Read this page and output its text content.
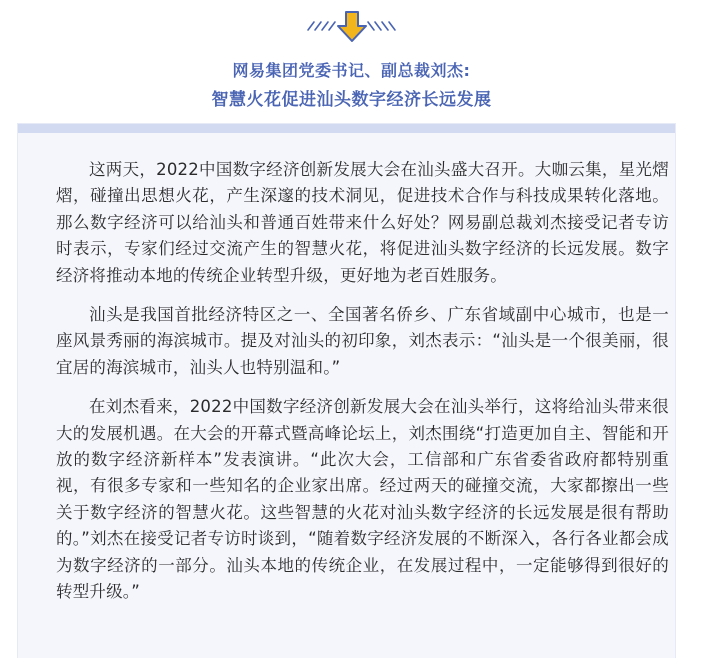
网易集团党委书记、副总裁刘杰:
智慧火花促进汕头数字经济长远发展

这两天，2022中国数字经济创新发展大会在汕头盛大召开。大咖云集，星光熠熠，碰撞出思想火花，产生深邃的技术洞见，促进技术合作与科技成果转化落地。那么数字经济可以给汕头和普通百姓带来什么好处？网易副总裁刘杰接受记者专访时表示，专家们经过交流产生的智慧火花，将促进汕头数字经济的长远发展。数字经济将推动本地的传统企业转型升级，更好地为老百姓服务。

汕头是我国首批经济特区之一、全国著名侨乡、广东省域副中心城市，也是一座风景秀丽的海滨城市。提及对汕头的初印象，刘杰表示：“汕头是一个很美丽，很宜居的海滨城市，汕头人也特别温和。”

在刘杰看来，2022中国数字经济创新发展大会在汕头举行，这将给汕头带来很大的发展机遇。在大会的开幕式暨高峰论坛上，刘杰围绕“打造更加自主、智能和开放的数字经济新样本”发表演讲。“此次大会，工信部和广东省委省政府都特别重视，有很多专家和一些知名的企业家出席。经过两天的碰撞交流，大家都擦出一些关于数字经济的智慧火花。这些智慧的火花对汕头数字经济的长远发展是很有帮助的。”刘杰在接受记者专访时谈到，“随着数字经济发展的不断深入，各行各业都会成为数字经济的一部分。汕头本地的传统企业，在发展过程中，一定能够得到很好的转型升级。”
